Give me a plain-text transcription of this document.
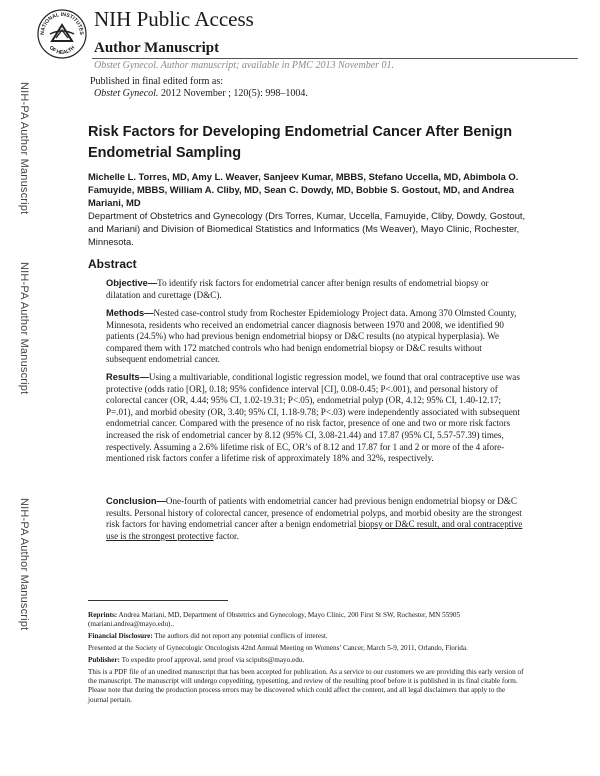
NATIONAL INSTITUTES
OF HEALTH
NIH Public Access
Author Manuscript
Obstet Gynecol. Author manuscript; available in PMC 2013 November 01.
Published in final edited form as:
Obstet Gynecol. 2012 November ; 120(5): 998–1004.
NIH-PA Author Manuscript
NIH-PA Author Manuscript
NIH-PA Author Manuscript
Risk Factors for Developing Endometrial Cancer After Benign Endometrial Sampling
Michelle L. Torres, MD, Amy L. Weaver, Sanjeev Kumar, MBBS, Stefano Uccella, MD, Abimbola O. Famuyide, MBBS, William A. Cliby, MD, Sean C. Dowdy, MD, Bobbie S. Gostout, MD, and Andrea Mariani, MD
Department of Obstetrics and Gynecology (Drs Torres, Kumar, Uccella, Famuyide, Cliby, Dowdy, Gostout, and Mariani) and Division of Biomedical Statistics and Informatics (Ms Weaver), Mayo Clinic, Rochester, Minnesota.
Abstract
Objective—To identify risk factors for endometrial cancer after benign results of endometrial biopsy or dilatation and curettage (D&C).
Methods—Nested case-control study from Rochester Epidemiology Project data. Among 370 Olmsted County, Minnesota, residents who received an endometrial cancer diagnosis between 1970 and 2008, we identified 90 patients (24.5%) who had previous benign endometrial biopsy or D&C results (no atypical hyperplasia). We compared them with 172 matched controls who had benign endometrial biopsy or D&C results without subsequent endometrial cancer.
Results—Using a multivariable, conditional logistic regression model, we found that oral contraceptive use was protective (odds ratio [OR], 0.18; 95% confidence interval [CI], 0.08-0.45; P<.001), and personal history of colorectal cancer (OR, 4.44; 95% CI, 1.02-19.31; P<.05), endometrial polyp (OR, 4.12; 95% CI, 1.40-12.17; P=.01), and morbid obesity (OR, 3.40; 95% CI, 1.18-9.78; P<.03) were independently associated with subsequent endometrial cancer. Compared with the presence of no risk factor, presence of one and two or more risk factors increased the risk of endometrial cancer by 8.12 (95% CI, 3.08-21.44) and 17.87 (95% CI, 5.57-57.39) times, respectively. Assuming a 2.6% lifetime risk of EC, OR’s of 8.12 and 17.87 for 1 and 2 or more of the 4 afore-mentioned risk factors confer a lifetime risk of approximately 18% and 32%, respectively.
Conclusion—One-fourth of patients with endometrial cancer had previous benign endometrial biopsy or D&C results. Personal history of colorectal cancer, presence of endometrial polyps, and morbid obesity are the strongest risk factors for having endometrial cancer after a benign endometrial biopsy or D&C result, and oral contraceptive use is the strongest protective factor.
Reprints: Andrea Mariani, MD, Department of Obstetrics and Gynecology, Mayo Clinic, 200 First St SW, Rochester, MN 55905 (mariani.andrea@mayo.edu)..
Financial Disclosure: The authors did not report any potential conflicts of interest.
Presented at the Society of Gynecologic Oncologists 42nd Annual Meeting on Womens’ Cancer, March 5-9, 2011, Orlando, Florida.
Publisher: To expedite proof approval, send proof via scipubs@mayo.edu.
This is a PDF file of an unedited manuscript that has been accepted for publication. As a service to our customers we are providing this early version of the manuscript. The manuscript will undergo copyediting, typesetting, and review of the resulting proof before it is published in its final citable form. Please note that during the production process errors may be discovered which could affect the content, and all legal disclaimers that apply to the journal pertain.
